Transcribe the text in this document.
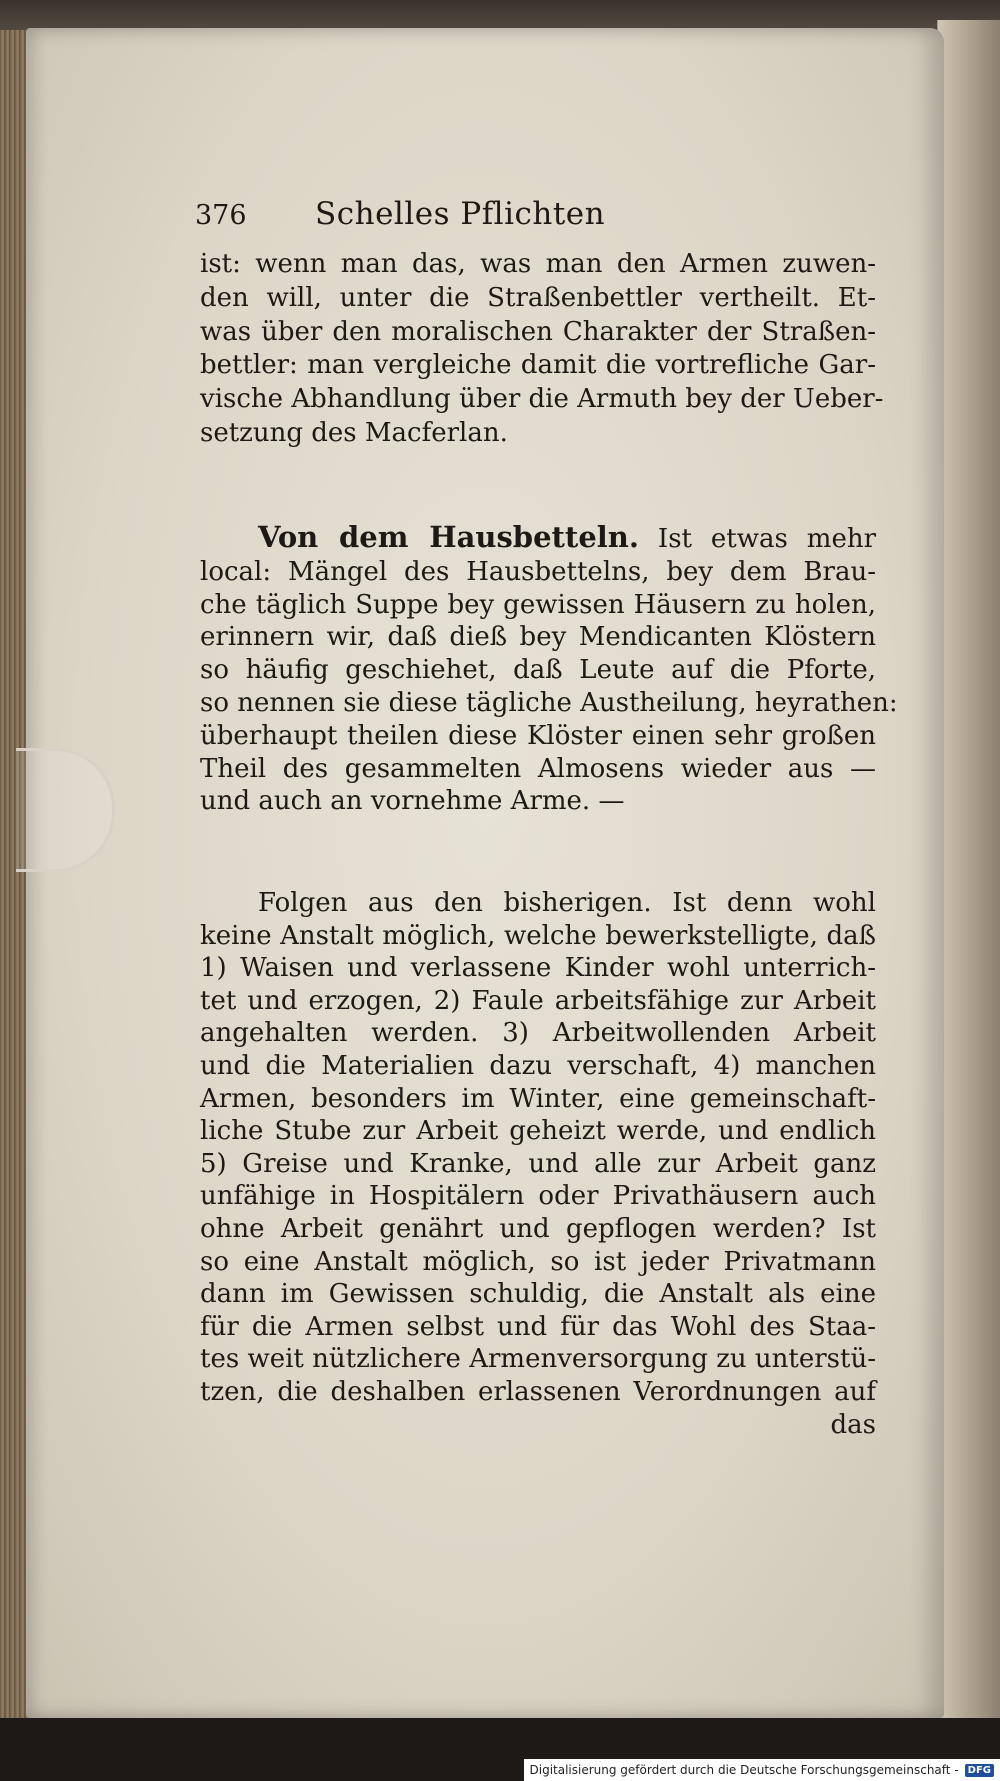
376	Schelles Pflichten
ist: wenn man das, was man den Armen zuwen-
den will, unter die Straßenbettler vertheilt. Et-
was über den moralischen Charakter der Straßen-
bettler: man vergleiche damit die vortrefliche Gar-
vische Abhandlung über die Armuth bey der Ueber-
setzung des Macferlan.
Von dem Hausbetteln. Ist etwas mehr
local: Mängel des Hausbettelns, bey dem Brau-
che täglich Suppe bey gewissen Häusern zu holen,
erinnern wir, daß dieß bey Mendicanten Klöstern
so häufig geschiehet, daß Leute auf die Pforte,
so nennen sie diese tägliche Austheilung, heyrathen:
überhaupt theilen diese Klöster einen sehr großen
Theil des gesammelten Almosens wieder aus —
und auch an vornehme Arme. —
Folgen aus den bisherigen. Ist denn wohl
keine Anstalt möglich, welche bewerkstelligte, daß
1) Waisen und verlassene Kinder wohl unterrich-
tet und erzogen, 2) Faule arbeitsfähige zur Arbeit
angehalten werden. 3) Arbeitwollenden Arbeit
und die Materialien dazu verschaft, 4) manchen
Armen, besonders im Winter, eine gemeinschaft-
liche Stube zur Arbeit geheizt werde, und endlich
5) Greise und Kranke, und alle zur Arbeit ganz
unfähige in Hospitälern oder Privathäusern auch
ohne Arbeit genährt und gepflogen werden? Ist
so eine Anstalt möglich, so ist jeder Privatmann
dann im Gewissen schuldig, die Anstalt als eine
für die Armen selbst und für das Wohl des Staa-
tes weit nützlichere Armenversorgung zu unterstü-
tzen, die deshalben erlassenen Verordnungen auf
das
Digitalisierung gefördert durch die Deutsche Forschungsgemeinschaft - DFG
